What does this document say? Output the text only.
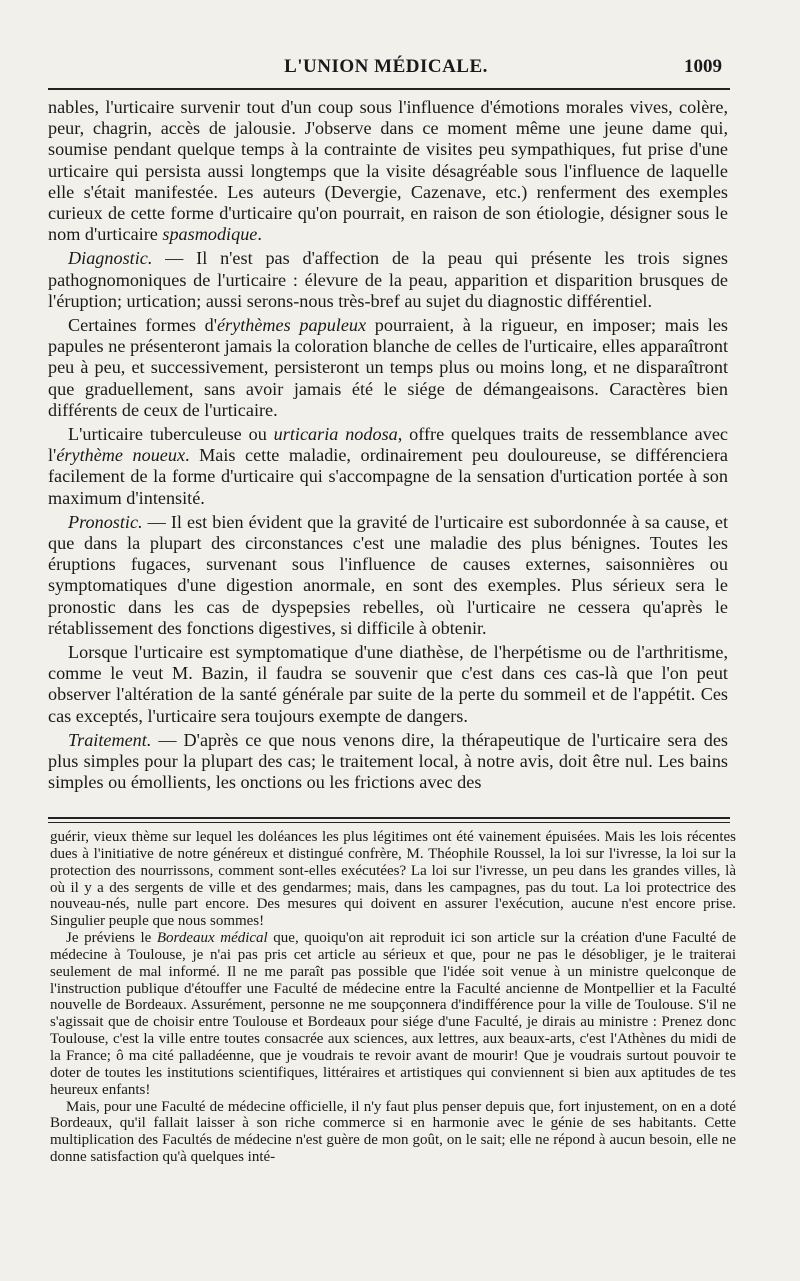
L'UNION MÉDICALE.	1009

nables, l'urticaire survenir tout d'un coup sous l'influence d'émotions morales vives, colère, peur, chagrin, accès de jalousie. J'observe dans ce moment même une jeune dame qui, soumise pendant quelque temps à la contrainte de visites peu sympathiques, fut prise d'une urticaire qui persista aussi longtemps que la visite désagréable sous l'influence de laquelle elle s'était manifestée. Les auteurs (Devergie, Cazenave, etc.) renferment des exemples curieux de cette forme d'urticaire qu'on pourrait, en raison de son étiologie, désigner sous le nom d'urticaire spasmodique.

Diagnostic. — Il n'est pas d'affection de la peau qui présente les trois signes pathognomoniques de l'urticaire : élevure de la peau, apparition et disparition brusques de l'éruption; urtication; aussi serons-nous très-bref au sujet du diagnostic différentiel.

Certaines formes d'érythèmes papuleux pourraient, à la rigueur, en imposer; mais les papules ne présenteront jamais la coloration blanche de celles de l'urticaire, elles apparaîtront peu à peu, et successivement, persisteront un temps plus ou moins long, et ne disparaîtront que graduellement, sans avoir jamais été le siége de démangeaisons. Caractères bien différents de ceux de l'urticaire.

L'urticaire tuberculeuse ou urticaria nodosa, offre quelques traits de ressemblance avec l'érythème noueux. Mais cette maladie, ordinairement peu douloureuse, se différenciera facilement de la forme d'urticaire qui s'accompagne de la sensation d'urtication portée à son maximum d'intensité.

Pronostic. — Il est bien évident que la gravité de l'urticaire est subordonnée à sa cause, et que dans la plupart des circonstances c'est une maladie des plus bénignes. Toutes les éruptions fugaces, survenant sous l'influence de causes externes, saisonnières ou symptomatiques d'une digestion anormale, en sont des exemples. Plus sérieux sera le pronostic dans les cas de dyspepsies rebelles, où l'urticaire ne cessera qu'après le rétablissement des fonctions digestives, si difficile à obtenir.

Lorsque l'urticaire est symptomatique d'une diathèse, de l'herpétisme ou de l'arthritisme, comme le veut M. Bazin, il faudra se souvenir que c'est dans ces cas-là que l'on peut observer l'altération de la santé générale par suite de la perte du sommeil et de l'appétit. Ces cas exceptés, l'urticaire sera toujours exempte de dangers.

Traitement. — D'après ce que nous venons dire, la thérapeutique de l'urticaire sera des plus simples pour la plupart des cas; le traitement local, à notre avis, doit être nul. Les bains simples ou émollients, les onctions ou les frictions avec des

guérir, vieux thème sur lequel les doléances les plus légitimes ont été vainement épuisées. Mais les lois récentes dues à l'initiative de notre généreux et distingué confrère, M. Théophile Roussel, la loi sur l'ivresse, la loi sur la protection des nourrissons, comment sont-elles exécutées? La loi sur l'ivresse, un peu dans les grandes villes, là où il y a des sergents de ville et des gendarmes; mais, dans les campagnes, pas du tout. La loi protectrice des nouveau-nés, nulle part encore. Des mesures qui doivent en assurer l'exécution, aucune n'est encore prise. Singulier peuple que nous sommes!

Je préviens le Bordeaux médical que, quoiqu'on ait reproduit ici son article sur la création d'une Faculté de médecine à Toulouse, je n'ai pas pris cet article au sérieux et que, pour ne pas le désobliger, je le traiterai seulement de mal informé. Il ne me paraît pas possible que l'idée soit venue à un ministre quelconque de l'instruction publique d'étouffer une Faculté de médecine entre la Faculté ancienne de Montpellier et la Faculté nouvelle de Bordeaux. Assurément, personne ne me soupçonnera d'indifférence pour la ville de Toulouse. S'il ne s'agissait que de choisir entre Toulouse et Bordeaux pour siége d'une Faculté, je dirais au ministre : Prenez donc Toulouse, c'est la ville entre toutes consacrée aux sciences, aux lettres, aux beaux-arts, c'est l'Athènes du midi de la France; ô ma cité palladéenne, que je voudrais te revoir avant de mourir! Que je voudrais surtout pouvoir te doter de toutes les institutions scientifiques, littéraires et artistiques qui conviennent si bien aux aptitudes de tes heureux enfants!

Mais, pour une Faculté de médecine officielle, il n'y faut plus penser depuis que, fort injustement, on en a doté Bordeaux, qu'il fallait laisser à son riche commerce si en harmonie avec le génie de ses habitants. Cette multiplication des Facultés de médecine n'est guère de mon goût, on le sait; elle ne répond à aucun besoin, elle ne donne satisfaction qu'à quelques inté-
